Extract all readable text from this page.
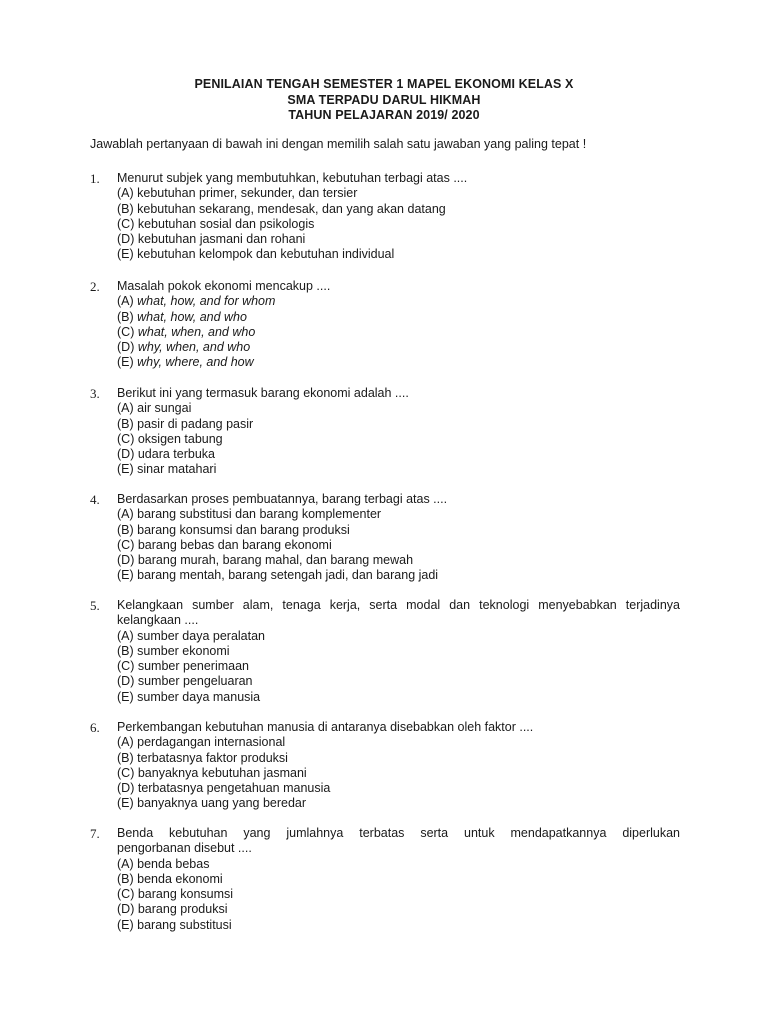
PENILAIAN TENGAH SEMESTER 1 MAPEL EKONOMI KELAS X
SMA TERPADU DARUL HIKMAH
TAHUN PELAJARAN 2019/ 2020
Jawablah pertanyaan di bawah ini dengan memilih salah satu jawaban yang paling tepat !
1. Menurut subjek yang membutuhkan, kebutuhan terbagi atas ....
(A) kebutuhan primer, sekunder, dan tersier
(B) kebutuhan sekarang, mendesak, dan yang akan datang
(C) kebutuhan sosial dan psikologis
(D) kebutuhan jasmani dan rohani
(E) kebutuhan kelompok dan kebutuhan individual
2. Masalah pokok ekonomi mencakup ....
(A) what, how, and for whom
(B) what, how, and who
(C) what, when, and who
(D) why, when, and who
(E) why, where, and how
3. Berikut ini yang termasuk barang ekonomi adalah ....
(A) air sungai
(B) pasir di padang pasir
(C) oksigen tabung
(D) udara terbuka
(E) sinar matahari
4. Berdasarkan proses pembuatannya, barang terbagi atas ....
(A) barang substitusi dan barang komplementer
(B) barang konsumsi dan barang produksi
(C) barang bebas dan barang ekonomi
(D) barang murah, barang mahal, dan barang mewah
(E) barang mentah, barang setengah jadi, dan barang jadi
5. Kelangkaan sumber alam, tenaga kerja, serta modal dan teknologi menyebabkan terjadinya
kelangkaan ....
(A) sumber daya peralatan
(B) sumber ekonomi
(C) sumber penerimaan
(D) sumber pengeluaran
(E) sumber daya manusia
6. Perkembangan kebutuhan manusia di antaranya disebabkan oleh faktor ....
(A) perdagangan internasional
(B) terbatasnya faktor produksi
(C) banyaknya kebutuhan jasmani
(D) terbatasnya pengetahuan manusia
(E) banyaknya uang yang beredar
7. Benda kebutuhan yang jumlahnya terbatas serta untuk mendapatkannya diperlukan
pengorbanan disebut ....
(A) benda bebas
(B) benda ekonomi
(C) barang konsumsi
(D) barang produksi
(E) barang substitusi
